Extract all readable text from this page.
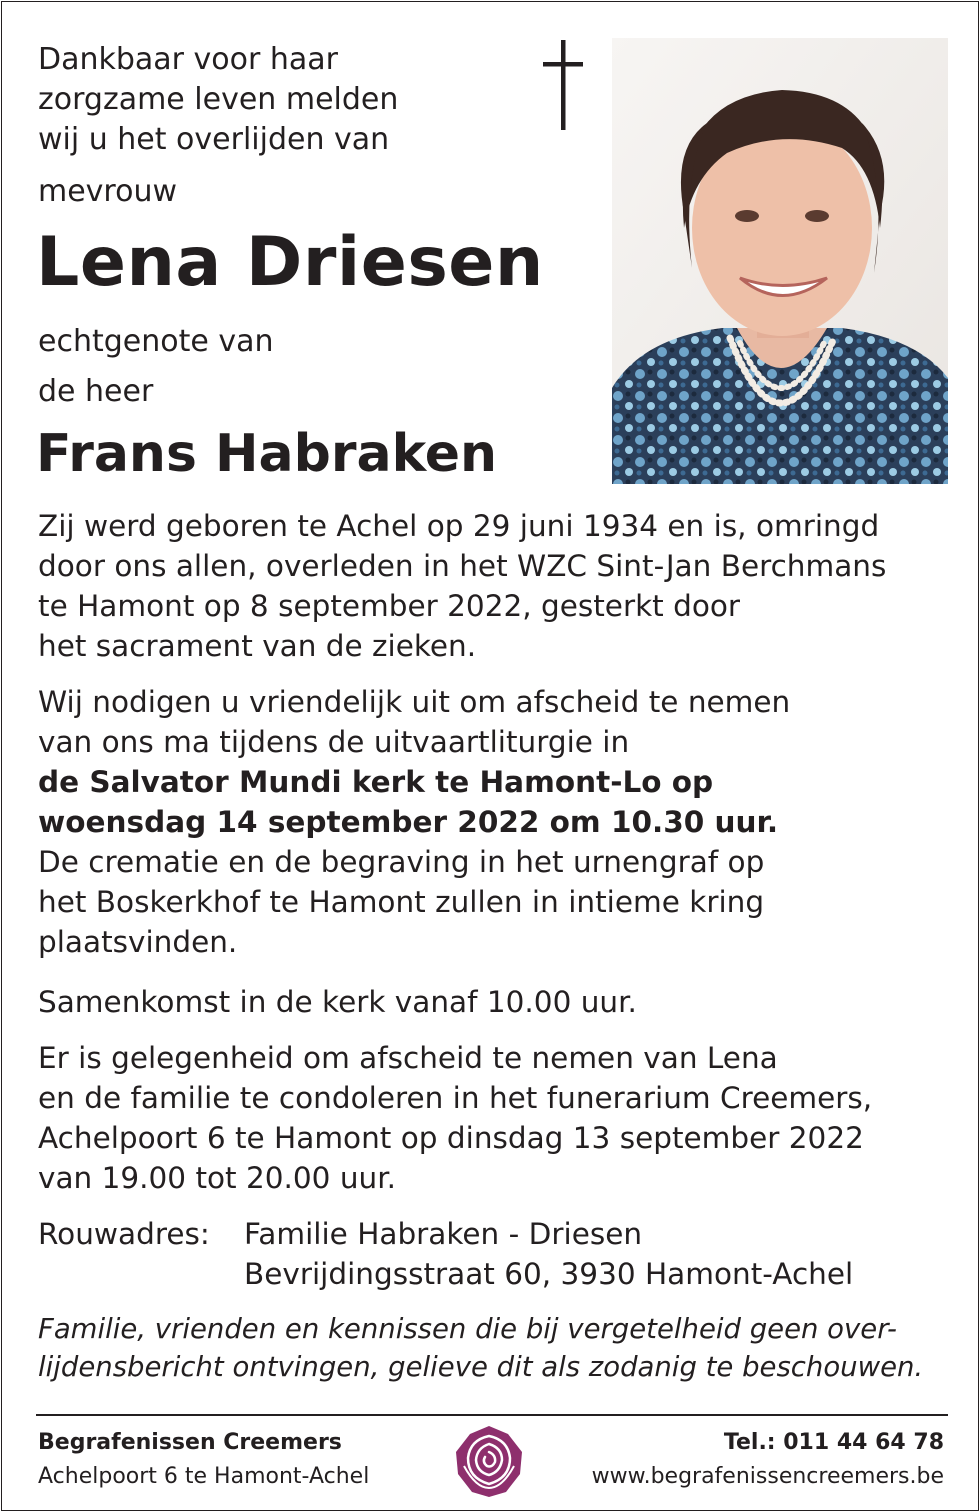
Dankbaar voor haar
zorgzame leven melden
wij u het overlijden van
mevrouw
Lena Driesen
echtgenote van
de heer
Frans Habraken
Zij werd geboren te Achel op 29 juni 1934 en is, omringd
door ons allen, overleden in het WZC Sint-Jan Berchmans
te Hamont op 8 september 2022, gesterkt door
het sacrament van de zieken.
Wij nodigen u vriendelijk uit om afscheid te nemen
van ons ma tijdens de uitvaartliturgie in
de Salvator Mundi kerk te Hamont-Lo op
woensdag 14 september 2022 om 10.30 uur.
De crematie en de begraving in het urnengraf op
het Boskerkhof te Hamont zullen in intieme kring
plaatsvinden.
Samenkomst in de kerk vanaf 10.00 uur.
Er is gelegenheid om afscheid te nemen van Lena
en de familie te condoleren in het funerarium Creemers,
Achelpoort 6 te Hamont op dinsdag 13 september 2022
van 19.00 tot 20.00 uur.
Rouwadres: Familie Habraken - Driesen
Bevrijdingsstraat 60, 3930 Hamont-Achel
Familie, vrienden en kennissen die bij vergetelheid geen over-
lijdensbericht ontvingen, gelieve dit als zodanig te beschouwen.
Begrafenissen Creemers
Achelpoort 6 te Hamont-Achel
Tel.: 011 44 64 78
www.begrafenissencreemers.be
